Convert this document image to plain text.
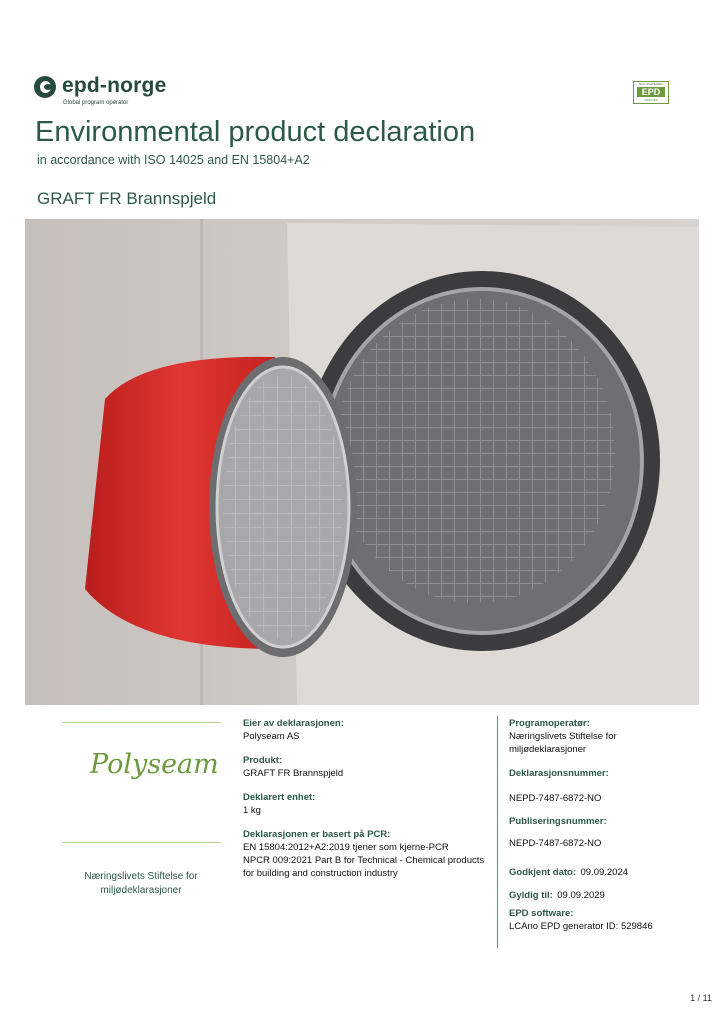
epd-norge
Global program operator
ECO PLATFORM
EPD
VERIFIED
Environmental product declaration
in accordance with ISO 14025 and EN 15804+A2
GRAFT FR Brannspjeld
Polyseam
Næringslivets Stiftelse for miljødeklarasjoner
Eier av deklarasjonen:
Polyseam AS
Produkt:
GRAFT FR Brannspjeld
Deklarert enhet:
1 kg
Deklarasjonen er basert på PCR:
EN 15804:2012+A2:2019 tjener som kjerne-PCR
NPCR 009:2021 Part B for Technical - Chemical products
for building and construction industry
Programoperatør:
Næringslivets Stiftelse for
miljødeklarasjoner
Deklarasjonsnummer:
NEPD-7487-6872-NO
Publiseringsnummer:
NEPD-7487-6872-NO
Godkjent dato: 09.09.2024
Gyldig til: 09.09.2029
EPD software:
LCAno EPD generator ID: 529846
1 / 11
